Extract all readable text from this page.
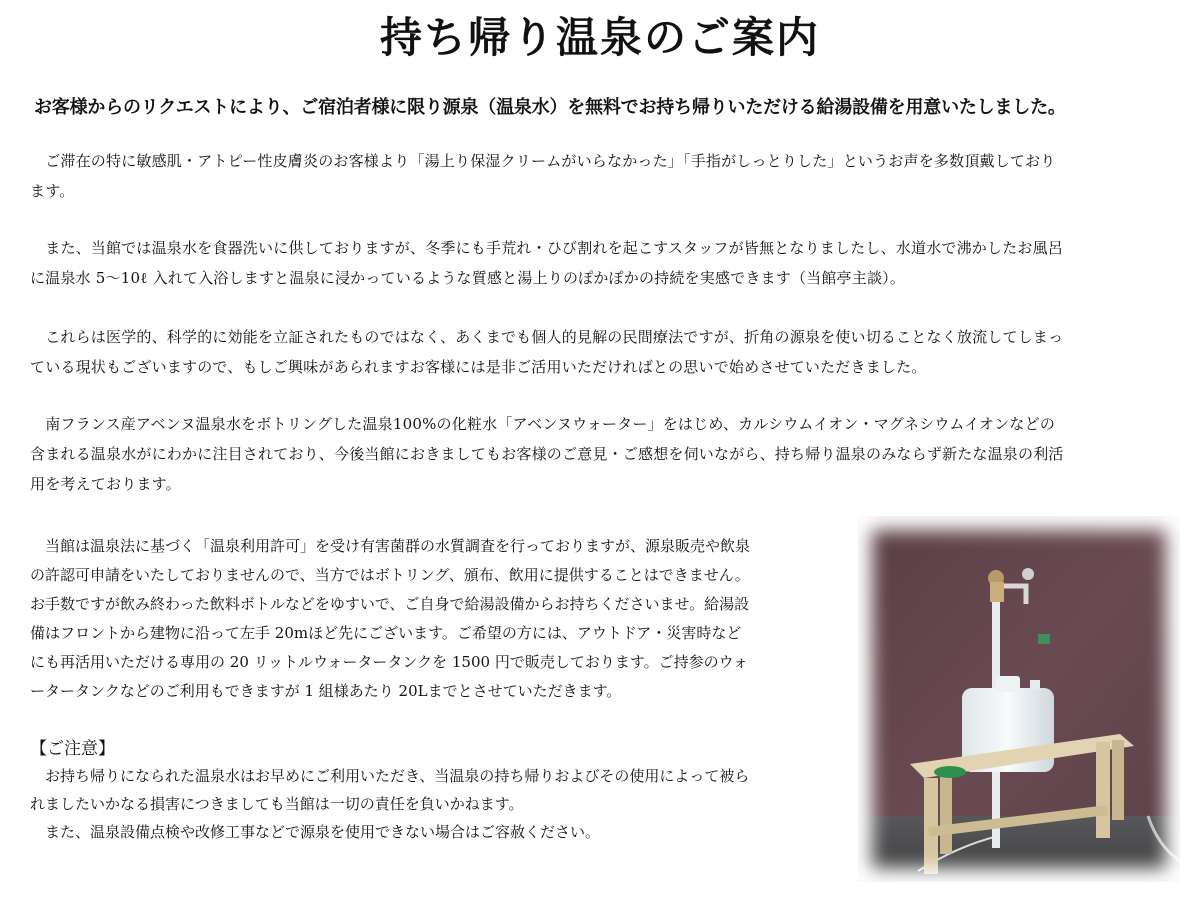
持ち帰り温泉のご案内
お客様からのリクエストにより、ご宿泊者様に限り源泉（温泉水）を無料でお持ち帰りいただける給湯設備を用意いたしました。
　ご滞在の特に敏感肌・アトピー性皮膚炎のお客様より「湯上り保湿クリームがいらなかった」「手指がしっとりした」というお声を多数頂戴しており
ます。
　また、当館では温泉水を食器洗いに供しておりますが、冬季にも手荒れ・ひび割れを起こすスタッフが皆無となりましたし、水道水で沸かしたお風呂
に温泉水 5〜10ℓ 入れて入浴しますと温泉に浸かっているような質感と湯上りのぽかぽかの持続を実感できます（当館亭主談）。
　これらは医学的、科学的に効能を立証されたものではなく、あくまでも個人的見解の民間療法ですが、折角の源泉を使い切ることなく放流してしまっ
ている現状もございますので、もしご興味があられますお客様には是非ご活用いただければとの思いで始めさせていただきました。
　南フランス産アベンヌ温泉水をボトリングした温泉100%の化粧水「アベンヌウォーター」をはじめ、カルシウムイオン・マグネシウムイオンなどの
含まれる温泉水がにわかに注目されており、今後当館におきましてもお客様のご意見・ご感想を伺いながら、持ち帰り温泉のみならず新たな温泉の利活
用を考えております。
　当館は温泉法に基づく「温泉利用許可」を受け有害菌群の水質調査を行っておりますが、源泉販売や飲泉
の許認可申請をいたしておりませんので、当方ではボトリング、頒布、飲用に提供することはできません。
お手数ですが飲み終わった飲料ボトルなどをゆすいで、ご自身で給湯設備からお持ちくださいませ。給湯設
備はフロントから建物に沿って左手 20mほど先にございます。ご希望の方には、アウトドア・災害時など
にも再活用いただける専用の 20 リットルウォータータンクを 1500 円で販売しております。ご持参のウォ
ータータンクなどのご利用もできますが 1 組様あたり 20Lまでとさせていただきます。
【ご注意】
　お持ち帰りになられた温泉水はお早めにご利用いただき、当温泉の持ち帰りおよびその使用によって被ら
れましたいかなる損害につきましても当館は一切の責任を負いかねます。
　また、温泉設備点検や改修工事などで源泉を使用できない場合はご容赦ください。
